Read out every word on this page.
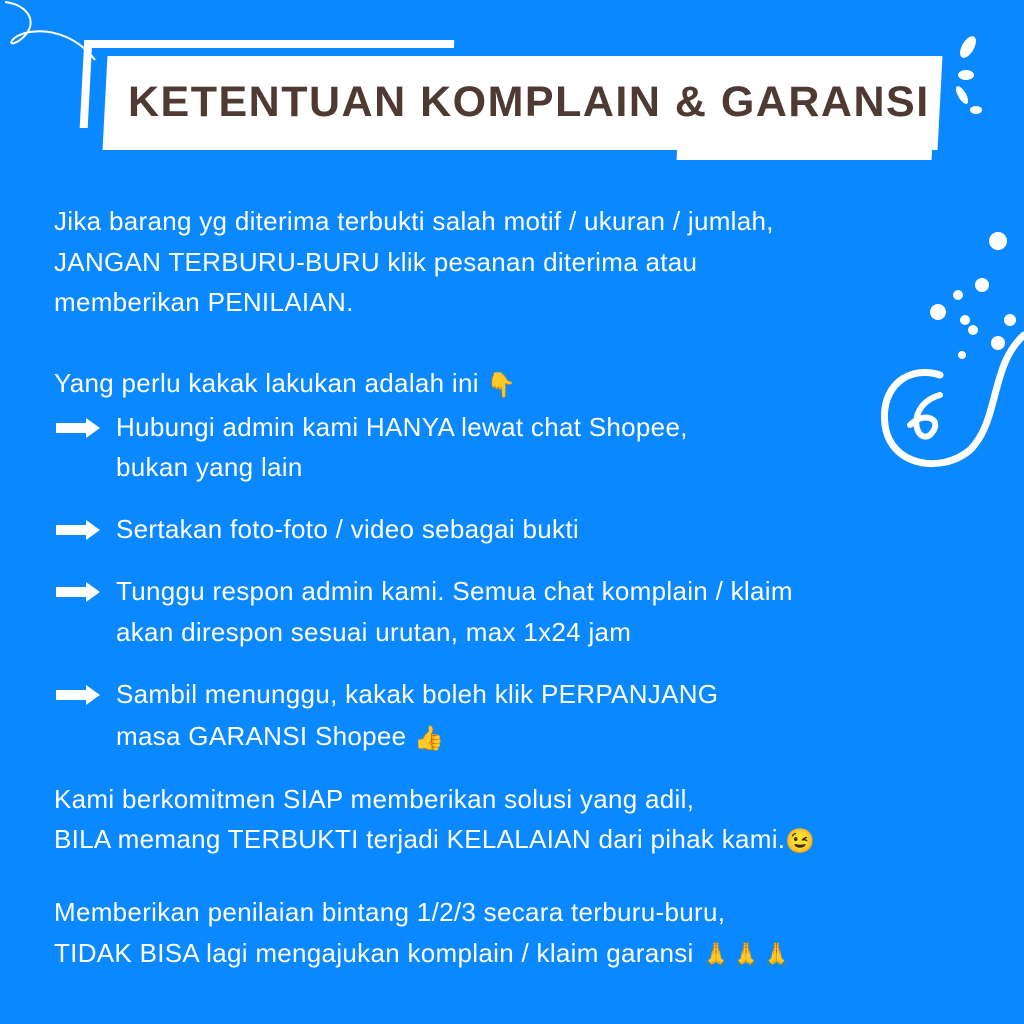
KETENTUAN KOMPLAIN & GARANSI
Jika barang yg diterima terbukti salah motif / ukuran / jumlah,
JANGAN TERBURU-BURU klik pesanan diterima atau
memberikan PENILAIAN.
Yang perlu kakak lakukan adalah ini 👇
Hubungi admin kami HANYA lewat chat Shopee,
bukan yang lain
Sertakan foto-foto / video sebagai bukti
Tunggu respon admin kami. Semua chat komplain / klaim
akan direspon sesuai urutan, max 1x24 jam
Sambil menunggu, kakak boleh klik PERPANJANG
masa GARANSI Shopee 👍
Kami berkomitmen SIAP memberikan solusi yang adil,
BILA memang TERBUKTI terjadi KELALAIAN dari pihak kami.😉
Memberikan penilaian bintang 1/2/3 secara terburu-buru,
TIDAK BISA lagi mengajukan komplain / klaim garansi 🙏🙏🙏
